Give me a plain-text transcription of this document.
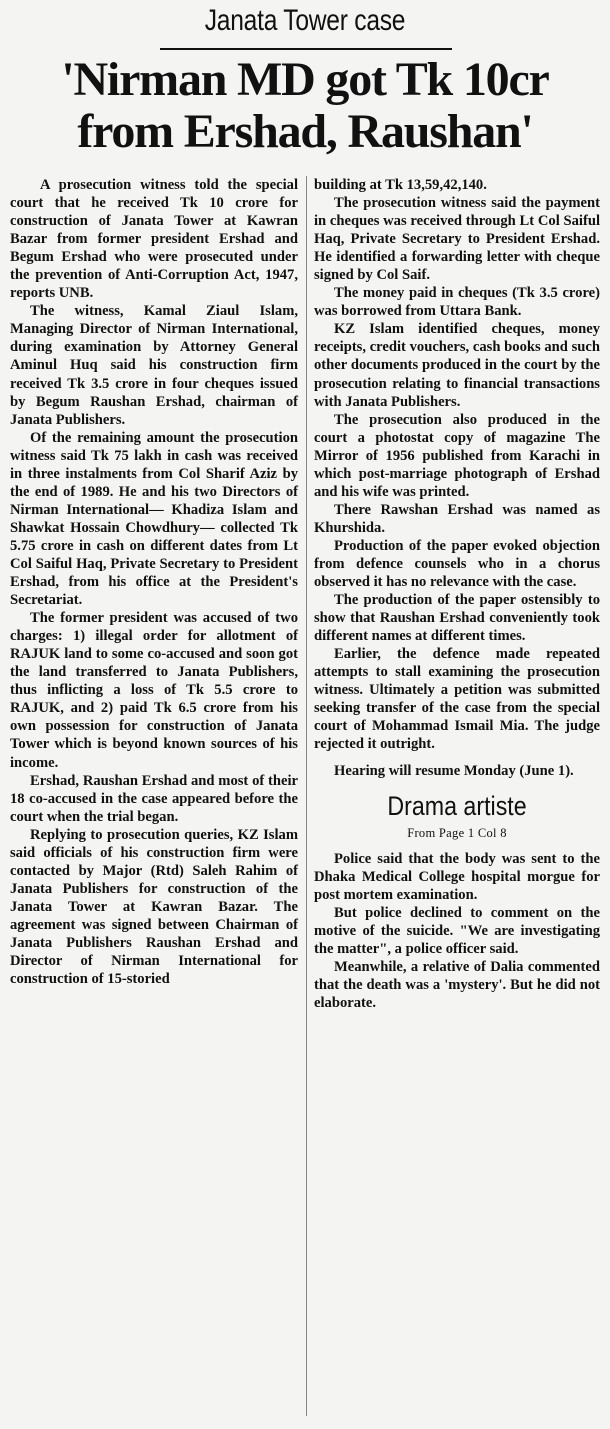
Janata Tower case
'Nirman MD got Tk 10cr
from Ershad, Raushan'

A prosecution witness told the special court that he received Tk 10 crore for construction of Janata Tower at Kawran Bazar from former president Ershad and Begum Ershad who were prosecuted under the prevention of Anti-Corruption Act, 1947, reports UNB.

The witness, Kamal Ziaul Islam, Managing Director of Nirman International, during examination by Attorney General Aminul Huq said his construction firm received Tk 3.5 crore in four cheques issued by Begum Raushan Ershad, chairman of Janata Publishers.

Of the remaining amount the prosecution witness said Tk 75 lakh in cash was received in three instalments from Col Sharif Aziz by the end of 1989. He and his two Directors of Nirman International— Khadiza Islam and Shawkat Hossain Chowdhury— collected Tk 5.75 crore in cash on different dates from Lt Col Saiful Haq, Private Secretary to President Ershad, from his office at the President's Secretariat.

The former president was accused of two charges: 1) illegal order for allotment of RAJUK land to some co-accused and soon got the land transferred to Janata Publishers, thus inflicting a loss of Tk 5.5 crore to RAJUK, and 2) paid Tk 6.5 crore from his own possession for construction of Janata Tower which is beyond known sources of his income.

Ershad, Raushan Ershad and most of their 18 co-accused in the case appeared before the court when the trial began.

Replying to prosecution queries, KZ Islam said officials of his construction firm were contacted by Major (Rtd) Saleh Rahim of Janata Publishers for construction of the Janata Tower at Kawran Bazar. The agreement was signed between Chairman of Janata Publishers Raushan Ershad and Director of Nirman International for construction of 15-storied

building at Tk 13,59,42,140.

The prosecution witness said the payment in cheques was received through Lt Col Saiful Haq, Private Secretary to President Ershad. He identified a forwarding letter with cheque signed by Col Saif.

The money paid in cheques (Tk 3.5 crore) was borrowed from Uttara Bank.

KZ Islam identified cheques, money receipts, credit vouchers, cash books and such other documents produced in the court by the prosecution relating to financial transactions with Janata Publishers.

The prosecution also produced in the court a photostat copy of magazine The Mirror of 1956 published from Karachi in which post-marriage photograph of Ershad and his wife was printed.

There Rawshan Ershad was named as Khurshida.

Production of the paper evoked objection from defence counsels who in a chorus observed it has no relevance with the case.

The production of the paper ostensibly to show that Raushan Ershad conveniently took different names at different times.

Earlier, the defence made repeated attempts to stall examining the prosecution witness. Ultimately a petition was submitted seeking transfer of the case from the special court of Mohammad Ismail Mia. The judge rejected it outright.

Hearing will resume Monday (June 1).

Drama artiste
From Page 1 Col 8

Police said that the body was sent to the Dhaka Medical College hospital morgue for post mortem examination.

But police declined to comment on the motive of the suicide. "We are investigating the matter", a police officer said.

Meanwhile, a relative of Dalia commented that the death was a 'mystery'. But he did not elaborate.
